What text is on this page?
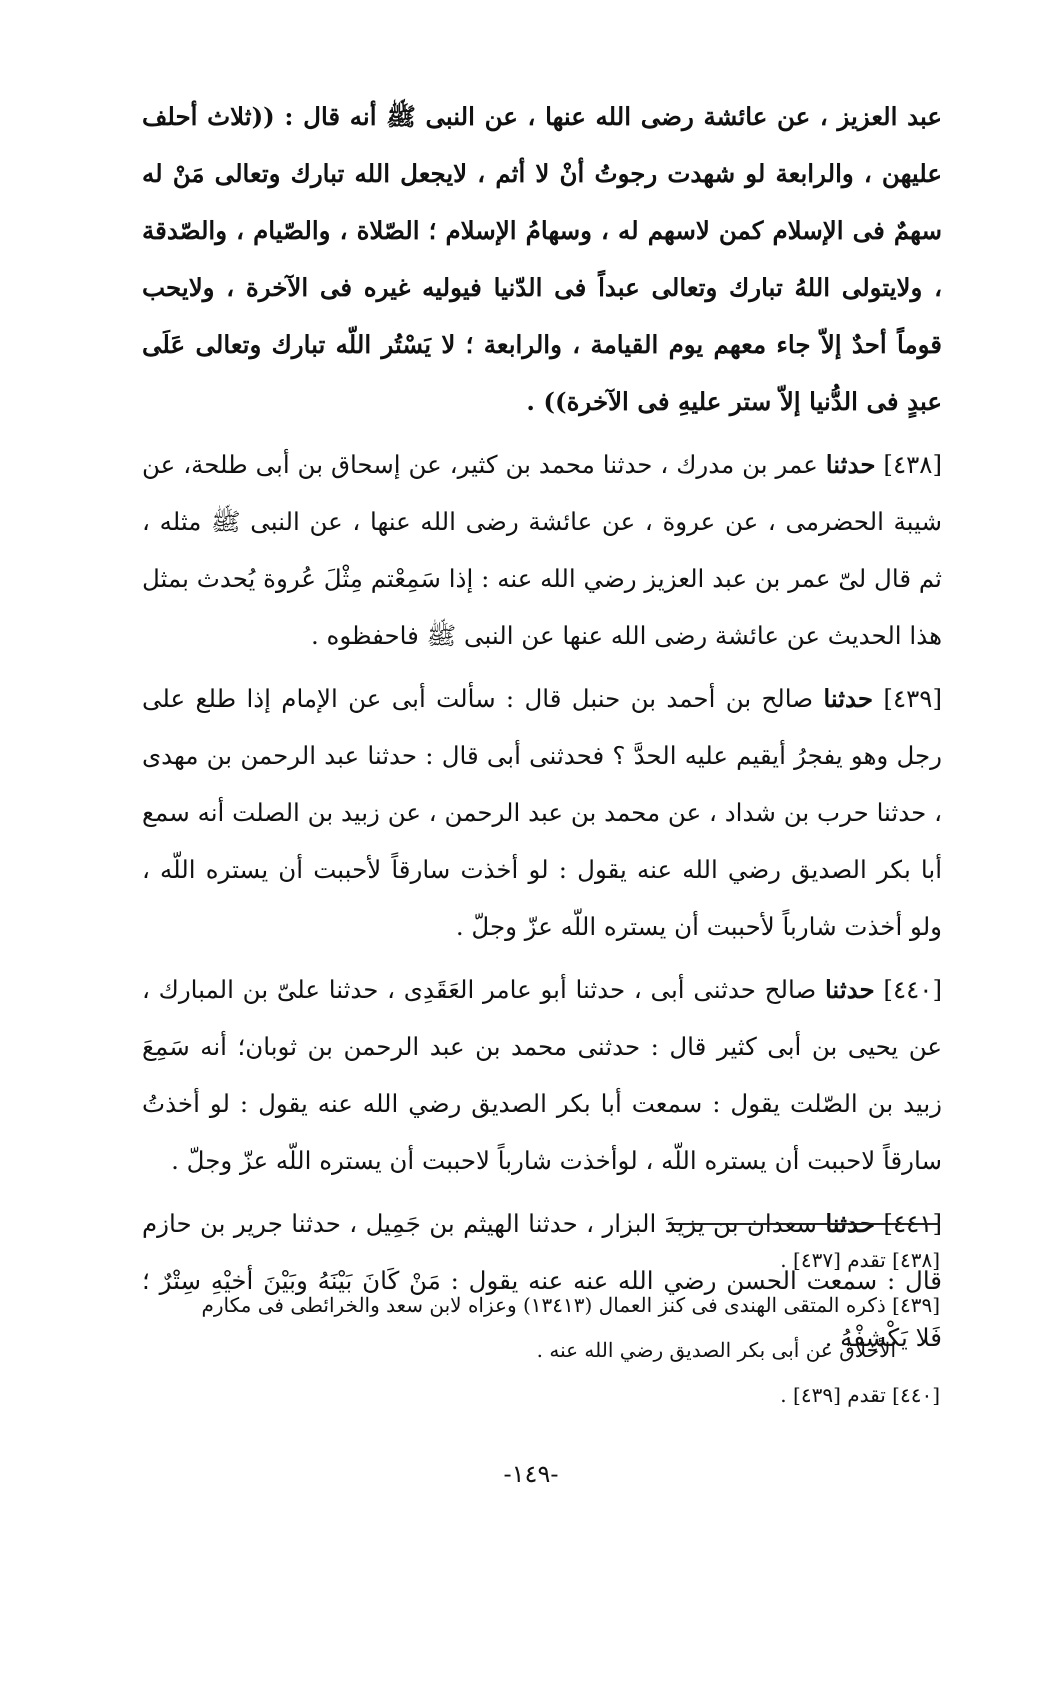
عبد العزيز ، عن عائشة رضى الله عنها ، عن النبى ﷺ أنه قال : ((ثلاث أحلف عليهن ، والرابعة لو شهدت رجوتُ أنْ لا أثم ، لايجعل الله تبارك وتعالى مَنْ له سهمٌ فى الإسلام كمن لاسهم له ، وسهامُ الإسلام ؛ الصّلاة ، والصّيام ، والصّدقة ، ولايتولى اللهُ تبارك وتعالى عبداً فى الدّنيا فيوليه غيره فى الآخرة ، ولايحب قوماً أحدٌ إلاّ جاء معهم يوم القيامة ، والرابعة ؛ لا يَسْتُر اللّه تبارك وتعالى عَلَى عبدٍ فى الدُّنيا إلاّ ستر عليهِ فى الآخرة)) .

[٤٣٨] حدثنا عمر بن مدرك ، حدثنا محمد بن كثير، عن إسحاق بن أبى طلحة، عن شيبة الحضرمى ، عن عروة ، عن عائشة رضى الله عنها ، عن النبى ﷺ مثله ، ثم قال لىّ عمر بن عبد العزيز رضي الله عنه : إذا سَمِعْتم مِثْلَ عُروة يُحدث بمثل هذا الحديث عن عائشة رضى الله عنها عن النبى ﷺ فاحفظوه .

[٤٣٩] حدثنا صالح بن أحمد بن حنبل قال : سألت أبى عن الإمام إذا طلع على رجل وهو يفجرُ أيقيم عليه الحدَّ ؟ فحدثنى أبى قال : حدثنا عبد الرحمن بن مهدى ، حدثنا حرب بن شداد ، عن محمد بن عبد الرحمن ، عن زبيد بن الصلت أنه سمع أبا بكر الصديق رضي الله عنه يقول : لو أخذت سارقاً لأحببت أن يستره اللّه ، ولو أخذت شارباً لأحببت أن يستره اللّه عزّ وجلّ .

[٤٤٠] حدثنا صالح حدثنى أبى ، حدثنا أبو عامر العَقَدِى ، حدثنا علىّ بن المبارك ، عن يحيى بن أبى كثير قال : حدثنى محمد بن عبد الرحمن بن ثوبان؛ أنه سَمِعَ زبيد بن الصّلت يقول : سمعت أبا بكر الصديق رضي الله عنه يقول : لو أخذتُ سارقاً لاحببت أن يستره اللّه ، لوأخذت شارباً لاحببت أن يستره اللّه عزّ وجلّ .

[٤٤١] حدثنا سعدان بن يزيدَ البزار ، حدثنا الهيثم بن جَمِيل ، حدثنا جرير بن حازم قال : سمعت الحسن رضي الله عنه عنه يقول : مَنْ كَانَ بَيْنَهُ وبَيْنَ أخيْهِ سِتْرٌ ؛ فَلا يَكْشِفْهُ .

[٤٣٨] تقدم [٤٣٧] .

[٤٣٩] ذكره المتقى الهندى فى كنز العمال (١٣٤١٣) وعزاه لابن سعد والخرائطى فى مكارم

الأخلاق عن أبى بكر الصديق رضي الله عنه .

[٤٤٠] تقدم [٤٣٩] .

-١٤٩-
